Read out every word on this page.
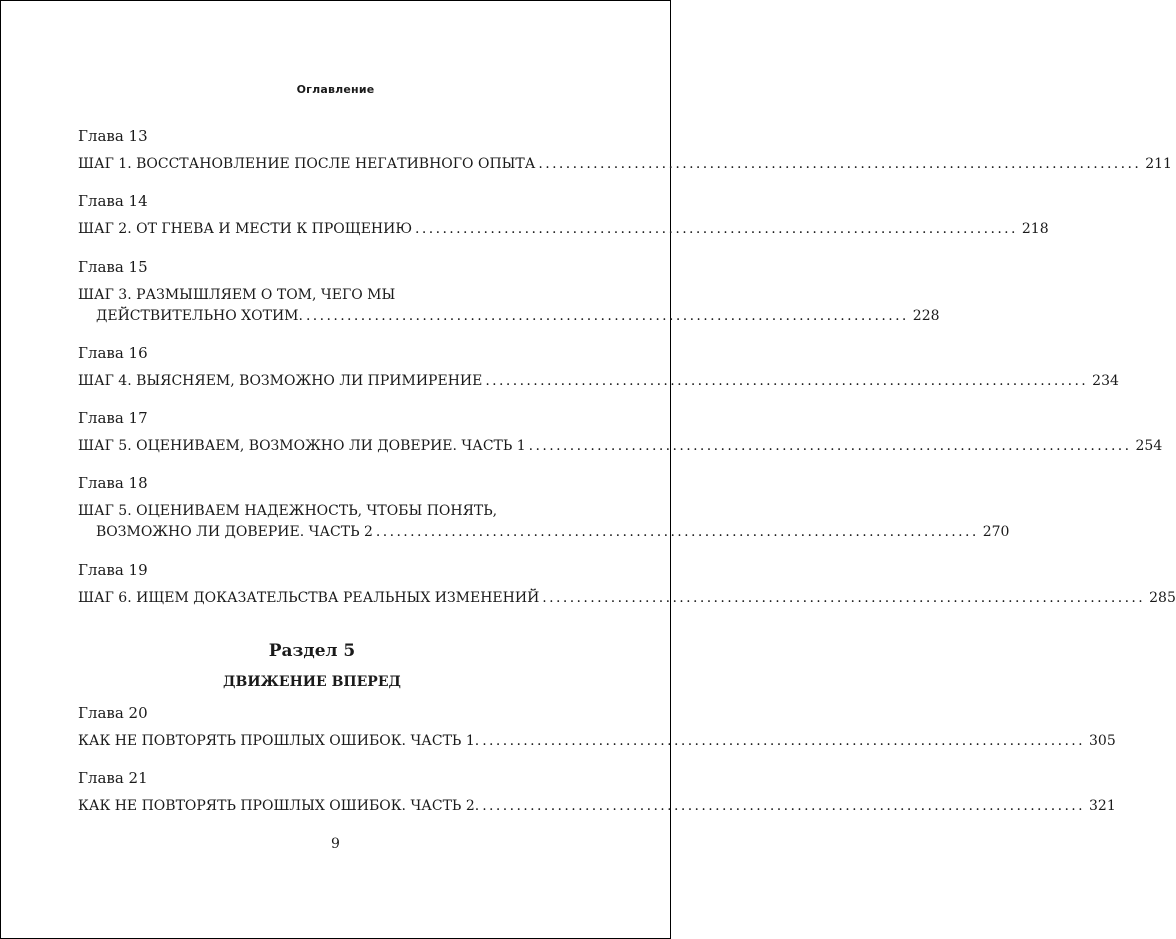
Оглавление
Глава 13
ШАГ 1. ВОССТАНОВЛЕНИЕ ПОСЛЕ НЕГАТИВНОГО ОПЫТА ........................................................................................ 211
Глава 14
ШАГ 2. ОТ ГНЕВА И МЕСТИ К ПРОЩЕНИЮ ........................................................................................ 218
Глава 15
ШАГ 3. РАЗМЫШЛЯЕМ О ТОМ, ЧЕГО МЫ
ДЕЙСТВИТЕЛЬНО ХОТИМ. ........................................................................................ 228
Глава 16
ШАГ 4. ВЫЯСНЯЕМ, ВОЗМОЖНО ЛИ ПРИМИРЕНИЕ ........................................................................................ 234
Глава 17
ШАГ 5. ОЦЕНИВАЕМ, ВОЗМОЖНО ЛИ ДОВЕРИЕ. ЧАСТЬ 1 ........................................................................................ 254
Глава 18
ШАГ 5. ОЦЕНИВАЕМ НАДЕЖНОСТЬ, ЧТОБЫ ПОНЯТЬ,
ВОЗМОЖНО ЛИ ДОВЕРИЕ. ЧАСТЬ 2 ........................................................................................ 270
Глава 19
ШАГ 6. ИЩЕМ ДОКАЗАТЕЛЬСТВА РЕАЛЬНЫХ ИЗМЕНЕНИЙ ........................................................................................ 285
Раздел 5
ДВИЖЕНИЕ ВПЕРЕД
Глава 20
КАК НЕ ПОВТОРЯТЬ ПРОШЛЫХ ОШИБОК. ЧАСТЬ 1. ........................................................................................ 305
Глава 21
КАК НЕ ПОВТОРЯТЬ ПРОШЛЫХ ОШИБОК. ЧАСТЬ 2. ........................................................................................ 321
9
